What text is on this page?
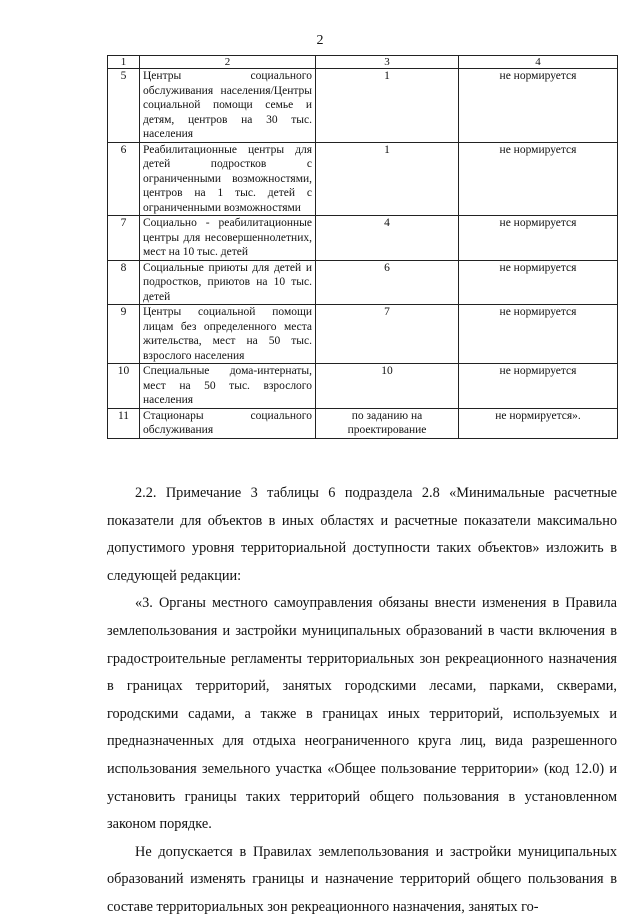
2
1	2	3	4
5	Центры социального обслуживания населения/Центры социальной помощи семье и детям, центров на 30 тыс. населения	1	не нормируется
6	Реабилитационные центры для детей подростков с ограниченными возможностями, центров на 1 тыс. детей с ограниченными возможностями	1	не нормируется
7	Социально - реабилитационные центры для несовершеннолетних, мест на 10 тыс. детей	4	не нормируется
8	Социальные приюты для детей и подростков, приютов на 10 тыс. детей	6	не нормируется
9	Центры социальной помощи лицам без определенного места жительства, мест на 50 тыс. взрослого населения	7	не нормируется
10	Специальные дома-интернаты, мест на 50 тыс. взрослого населения	10	не нормируется
11	Стационары социального обслуживания	по заданию на проектирование	не нормируется».

2.2. Примечание 3 таблицы 6 подраздела 2.8 «Минимальные расчетные показатели для объектов в иных областях и расчетные показатели максимально допустимого уровня территориальной доступности таких объектов» изложить в следующей редакции:

«3. Органы местного самоуправления обязаны внести изменения в Правила землепользования и застройки муниципальных образований в части включения в градостроительные регламенты территориальных зон рекреационного назначения в границах территорий, занятых городскими лесами, парками, скверами, городскими садами, а также в границах иных территорий, используемых и предназначенных для отдыха неограниченного круга лиц, вида разрешенного использования земельного участка «Общее пользование территории» (код 12.0) и установить границы таких территорий общего пользования в установленном законом порядке.

Не допускается в Правилах землепользования и застройки муниципальных образований изменять границы и назначение территорий общего пользования в составе территориальных зон рекреационного назначения, занятых го-
